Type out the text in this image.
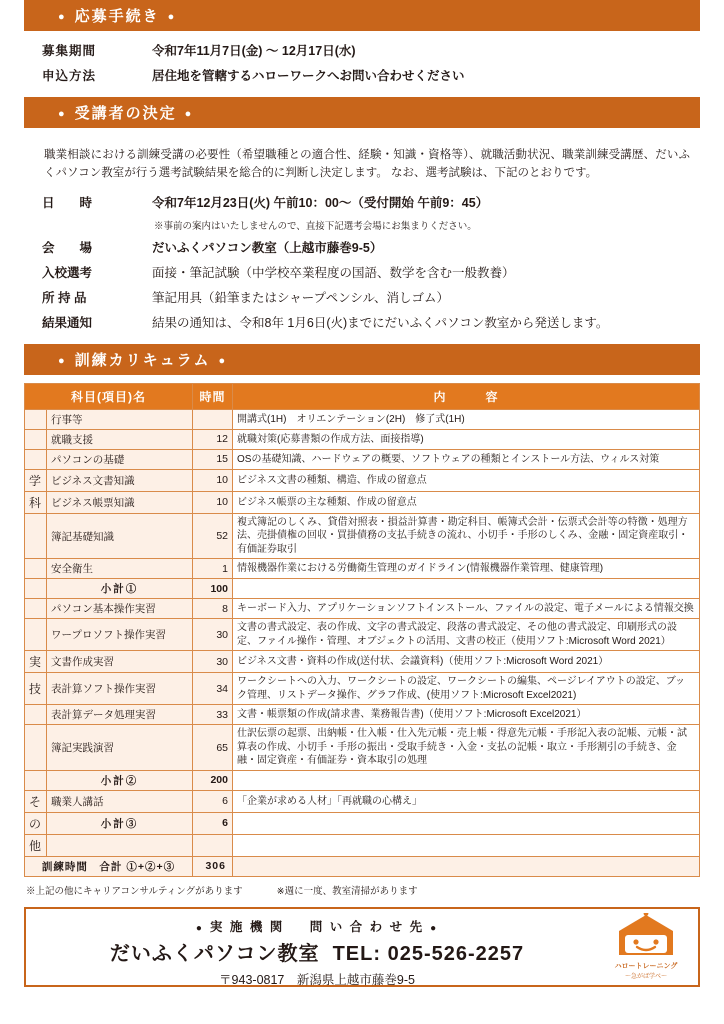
● 応募手続き ●
募集期間	令和7年11月7日(金) ～ 12月17日(水)
申込方法	居住地を管轄するハローワークへお問い合わせください
● 受講者の決定 ●
職業相談における訓練受講の必要性（希望職種との適合性、経験・知識・資格等）、就職活動状況、職業訓練受講歴、だいふくパソコン教室が行う選考試験結果を総合的に判断し決定します。 なお、選考試験は、下記のとおりです。
日　　時	令和7年12月23日(火) 午前10：00～（受付開始 午前9：45）
※事前の案内はいたしませんので、直接下記選考会場にお集まりください。
会　　場	だいふくパソコン教室（上越市藤巻9-5）
入校選考	面接・筆記試験（中学校卒業程度の国語、数学を含む一般教養）
所 持 品	筆記用具（鉛筆またはシャープペンシル、消しゴム）
結果通知	結果の通知は、令和8年 1月6日(火)までにだいふくパソコン教室から発送します。
● 訓練カリキュラム ●
科目(項目)名		時間	内　　　容
	行事等		開講式(1H)　オリエンテーション(2H)　修了式(1H)
	就職支援	12	就職対策(応募書類の作成方法、面接指導)
	パソコンの基礎	15	OSの基礎知識、ハードウェアの概要、ソフトウェアの種類とインストール方法、ウィルス対策
学	ビジネス文書知識	10	ビジネス文書の種類、構造、作成の留意点
科	ビジネス帳票知識	10	ビジネス帳票の主な種類、作成の留意点
	簿記基礎知識	52	複式簿記のしくみ、貸借対照表・損益計算書・勘定科目、帳簿式会計・伝票式会計等の特徴・処理方法、売掛債権の回収・買掛債務の支払手続きの流れ、小切手・手形のしくみ、金融・固定資産取引・有価証券取引
	安全衛生	1	情報機器作業における労働衛生管理のガイドライン(情報機器作業管理、健康管理)
	小計①	100	
	パソコン基本操作実習	8	キーボード入力、アプリケーションソフトインストール、ファイルの設定、電子メールによる情報交換
	ワープロソフト操作実習	30	文書の書式設定、表の作成、文字の書式設定、段落の書式設定、その他の書式設定、印刷形式の設定、ファイル操作・管理、オブジェクトの活用、文書の校正（使用ソフト:Microsoft Word 2021）
実	文書作成実習	30	ビジネス文書・資料の作成(送付状、会議資料)（使用ソフト:Microsoft Word 2021）
技	表計算ソフト操作実習	34	ワークシートへの入力、ワークシートの設定、ワークシートの編集、ページレイアウトの設定、ブック管理、リストデータ操作、グラフ作成、(使用ソフト:Microsoft Excel2021)
	表計算データ処理実習	33	文書・帳票類の作成(請求書、業務報告書)（使用ソフト:Microsoft Excel2021）
	簿記実践演習	65	仕訳伝票の起票、出納帳・仕入帳・仕入先元帳・売上帳・得意先元帳・手形記入表の記帳、元帳・試算表の作成、小切手・手形の振出・受取手続き・入金・支払の記帳・取立・手形割引の手続き、金融・固定資産・有価証券・資本取引の処理
	小計②	200	
そ	職業人講話	6	「企業が求める人材」「再就職の心構え」
の	小計③	6	
他			
訓練時間　合計 ①+②+③		306	
※上記の他にキャリアコンサルティングがあります	※週に一度、教室清掃があります
● 実 施 機 関 　 問 い 合 わ せ 先 ●
だいふくパソコン教室 TEL: 025-526-2257
〒943-0817　新潟県上越市藤巻9-5
ハロートレーニング
～急がば学べ～
